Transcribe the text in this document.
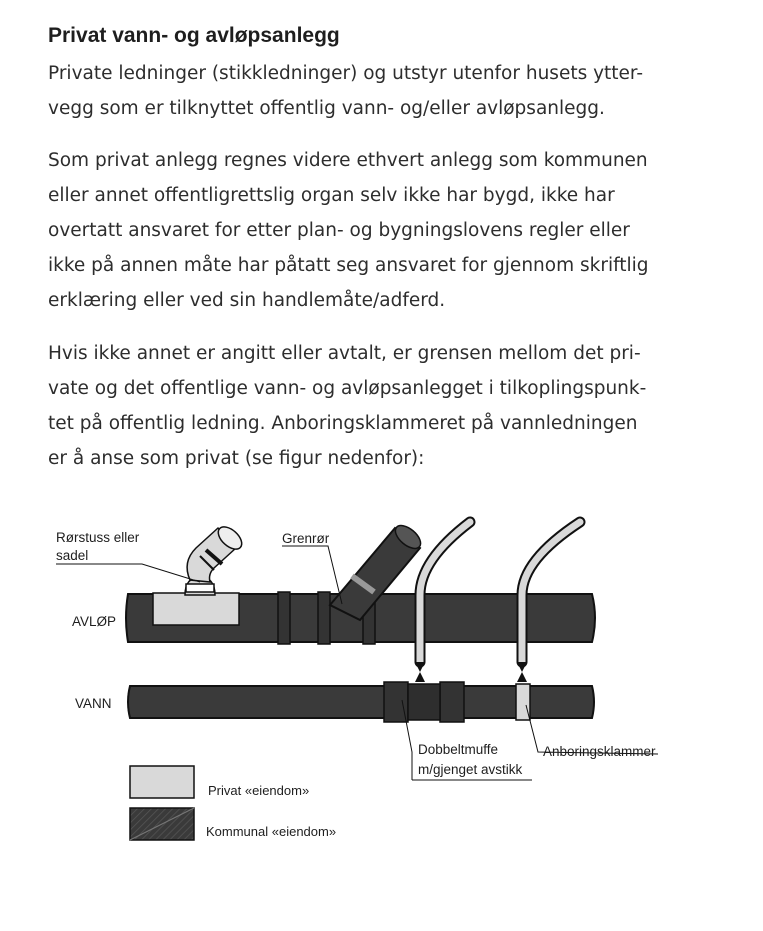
Privat vann- og avløpsanlegg

Private ledninger (stikkledninger) og utstyr utenfor husets ytter-
vegg som er tilknyttet offentlig vann- og/eller avløpsanlegg.

Som privat anlegg regnes videre ethvert anlegg som kommunen
eller annet offentligrettslig organ selv ikke har bygd, ikke har
overtatt ansvaret for etter plan- og bygningslovens regler eller
ikke på annen måte har påtatt seg ansvaret for gjennom skriftlig
erklæring eller ved sin handlemåte/adferd.

Hvis ikke annet er angitt eller avtalt, er grensen mellom det pri-
vate og det offentlige vann- og avløpsanlegget i tilkoplingspunk-
tet på offentlig ledning. Anboringsklammeret på vannledningen
er å anse som privat (se figur nedenfor):

Rørstuss eller
sadel
Grenrør
AVLØP
VANN
Dobbeltmuffe
m/gjenget avstikk
Anboringsklammer
Privat «eiendom»
Kommunal «eiendom»
